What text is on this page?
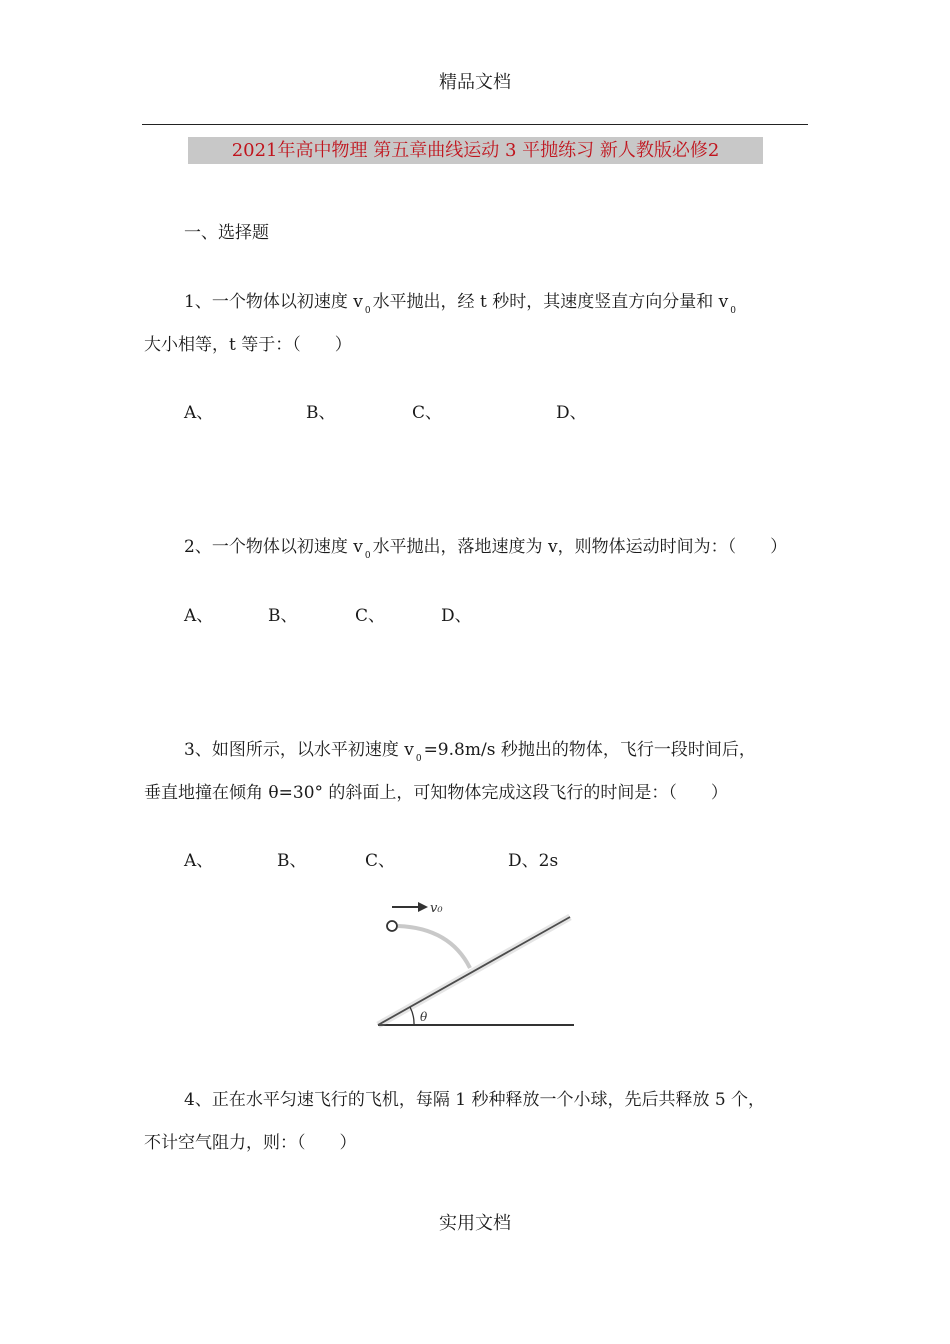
精品文档
2021年高中物理 第五章曲线运动 3 平抛练习 新人教版必修2
一、选择题
1、一个物体以初速度 v $_0$ 水平抛出，经 t 秒时，其速度竖直方向分量和 v $_0$
大小相等，t 等于：（　　）
A、	B、	C、	D、
2、一个物体以初速度 v $_0$ 水平抛出，落地速度为 v，则物体运动时间为：（　　）
A、	B、	C、	D、
3、如图所示，以水平初速度 v $_0$ =9.8m/s 秒抛出的物体，飞行一段时间后，
垂直地撞在倾角 θ=30° 的斜面上，可知物体完成这段飞行的时间是：（　　）
A、	B、	C、	D、2s
v₀
θ
4、正在水平匀速飞行的飞机，每隔 1 秒种释放一个小球，先后共释放 5 个，
不计空气阻力，则：（　　）
实用文档
